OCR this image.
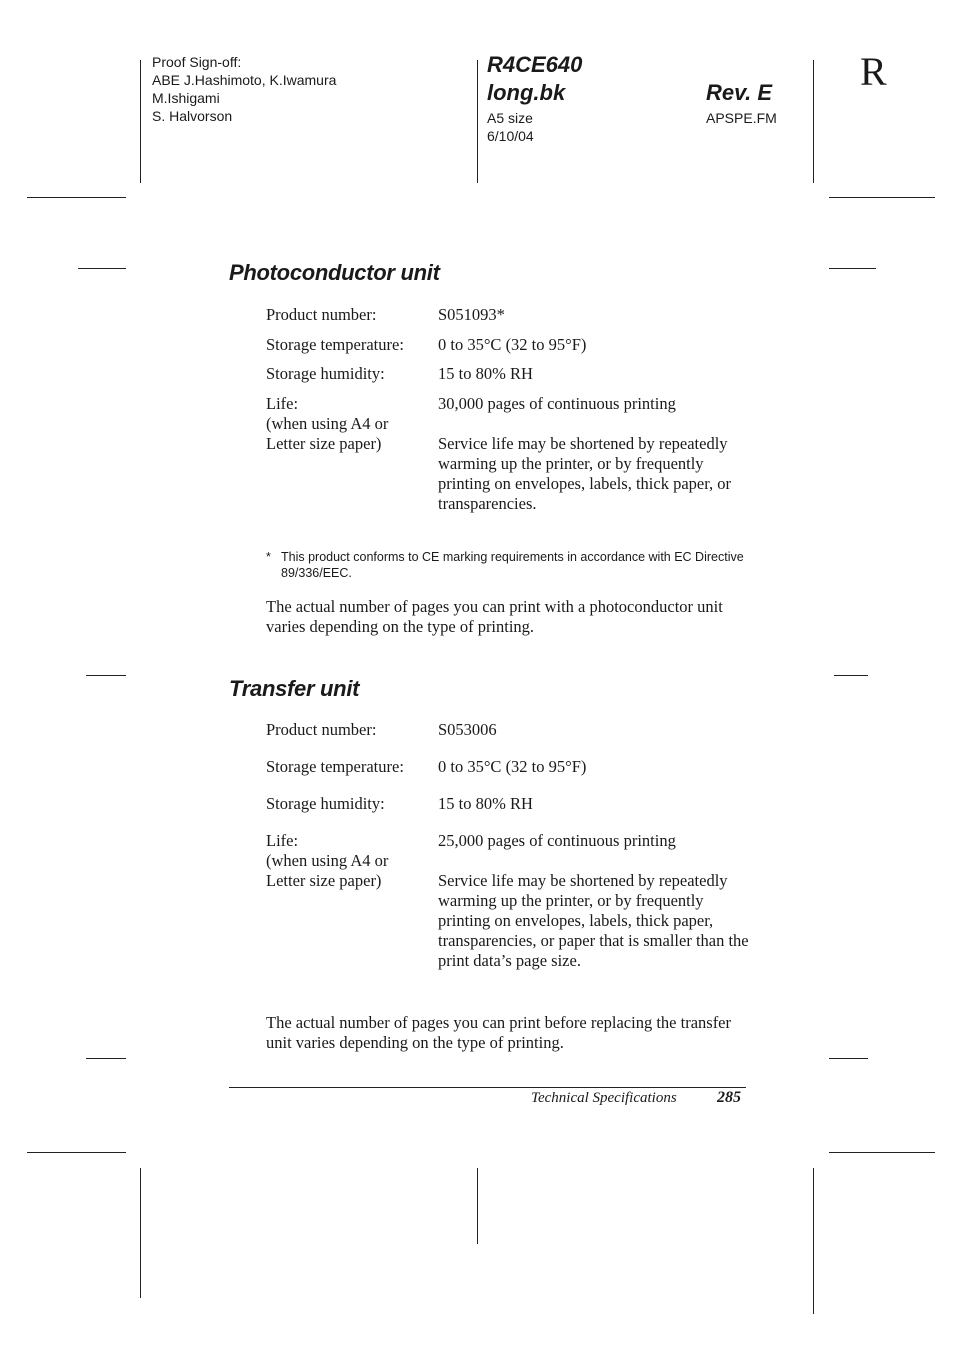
Proof Sign-off:
ABE J.Hashimoto, K.Iwamura
M.Ishigami
S. Halvorson
R4CE640
long.bk	Rev. E
A5 size
6/10/04
APSPE.FM
R
Photoconductor unit
Product number:	S051093*
Storage temperature: 0 to 35°C (32 to 95°F)
Storage humidity:	15 to 80% RH
Life:
(when using A4 or
Letter size paper)
30,000 pages of continuous printing
Service life may be shortened by repeatedly warming up the printer, or by frequently printing on envelopes, labels, thick paper, or transparencies.
* This product conforms to CE marking requirements in accordance with EC Directive 89/336/EEC.
The actual number of pages you can print with a photoconductor unit varies depending on the type of printing.
Transfer unit
Product number:	S053006
Storage temperature: 0 to 35°C (32 to 95°F)
Storage humidity:	15 to 80% RH
Life:
(when using A4 or
Letter size paper)
25,000 pages of continuous printing
Service life may be shortened by repeatedly warming up the printer, or by frequently printing on envelopes, labels, thick paper, transparencies, or paper that is smaller than the print data’s page size.
The actual number of pages you can print before replacing the transfer unit varies depending on the type of printing.
Technical Specifications	285
